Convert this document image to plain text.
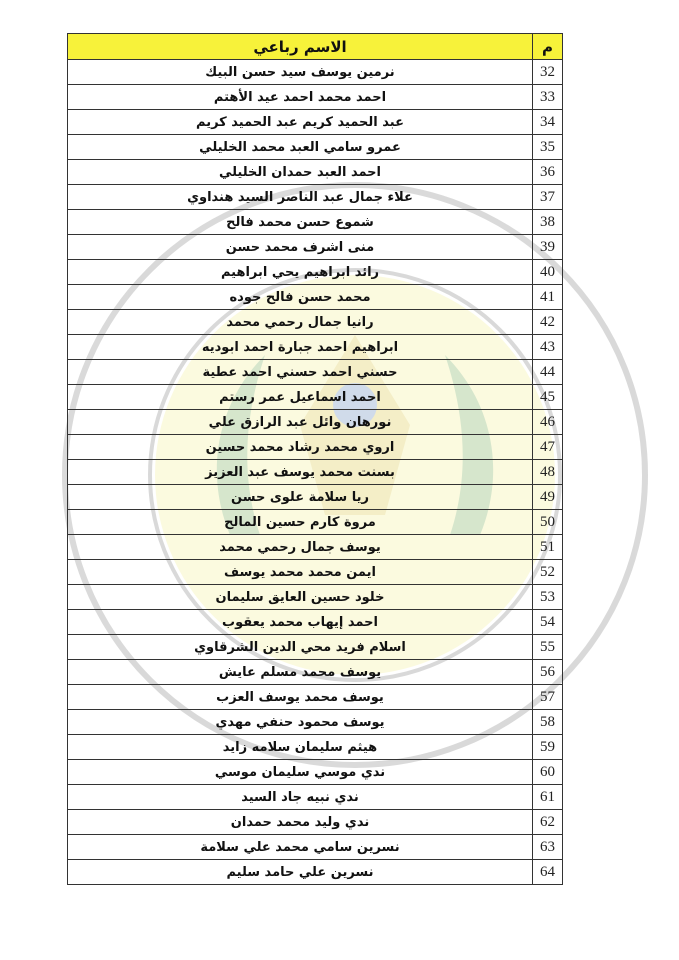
م	الاسم رباعي
32	نرمين يوسف سيد حسن البيك
33	احمد محمد احمد عيد الأهتم
34	عبد الحميد كريم عبد الحميد كريم
35	عمرو سامي العبد محمد الخليلي
36	احمد العبد حمدان الخليلي
37	علاء جمال عبد الناصر السيد هنداوي
38	شموع حسن محمد فالح
39	منى اشرف محمد حسن
40	رائد ابراهيم يحي ابراهيم
41	محمد حسن فالح جوده
42	رانيا جمال رحمي محمد
43	ابراهيم احمد جبارة احمد ابوديه
44	حسني احمد حسني احمد عطية
45	احمد اسماعيل عمر رستم
46	نورهان وائل عبد الرازق علي
47	اروي محمد رشاد محمد حسين
48	بسنت محمد يوسف عبد العزيز
49	ريا سلامة علوى حسن
50	مروة كارم حسين المالح
51	يوسف جمال رحمي محمد
52	ايمن محمد محمد يوسف
53	خلود حسين العايق سليمان
54	احمد إيهاب محمد يعقوب
55	اسلام فريد محي الدين الشرقاوي
56	يوسف محمد مسلم عايش
57	يوسف محمد يوسف العزب
58	يوسف محمود حنفي مهدي
59	هيثم سليمان سلامه زايد
60	ندي موسي سليمان موسي
61	ندي نبيه جاد السيد
62	ندي وليد محمد حمدان
63	نسرين سامي محمد علي سلامة
64	نسرين علي حامد سليم
